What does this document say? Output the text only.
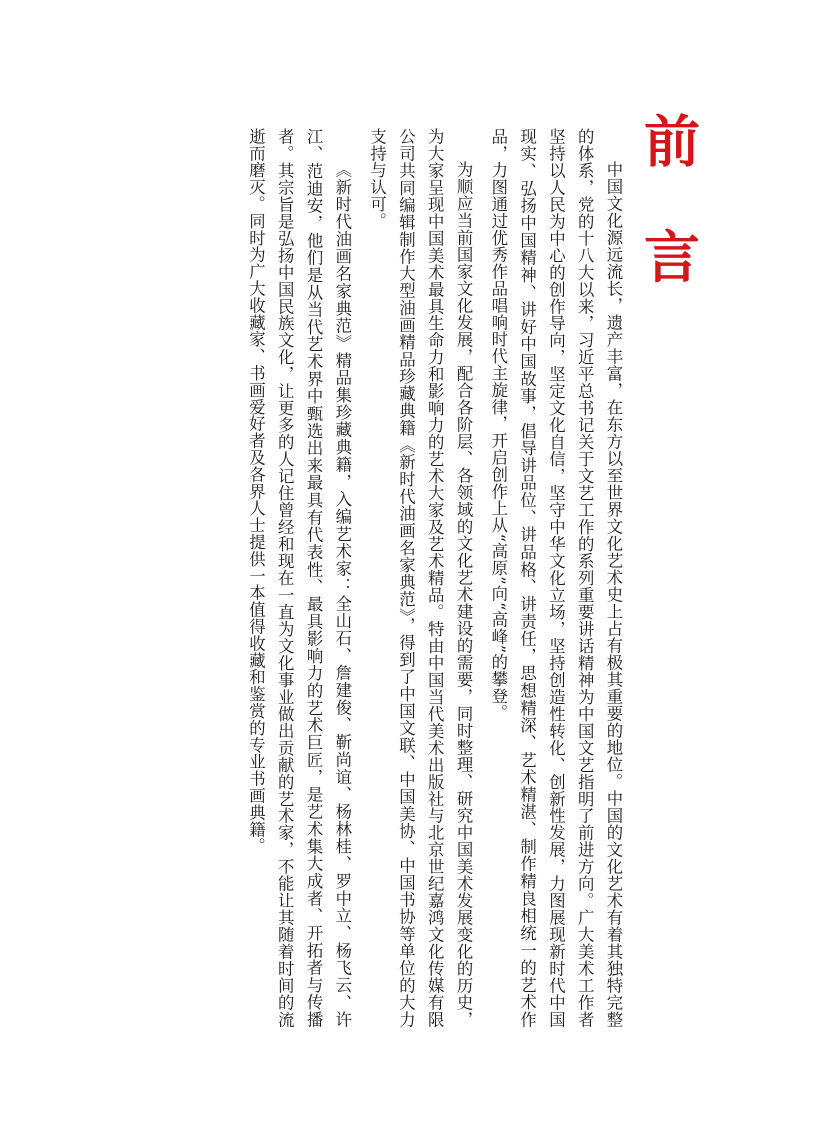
前 言

中国文化源远流长，遗产丰富，在东方以至世界文化艺术史上占有极其重要的地位。中国的文化艺术有着其独特完整的体系，党的十八大以来，习近平总书记关于文艺工作的系列重要讲话精神为中国文艺指明了前进方向。广大美术工作者坚持以人民为中心的创作导向，坚定文化自信，坚守中华文化立场，坚持创造性转化、创新性发展，力图展现新时代中国现实、弘扬中国精神、讲好中国故事，倡导讲品位、讲品格、讲责任，思想精深、艺术精湛、制作精良相统一的艺术作品，力图通过优秀作品唱响时代主旋律，开启创作上从“高原”向“高峰”的攀登。

为顺应当前国家文化发展，配合各阶层、各领域的文化艺术建设的需要，同时整理、研究中国美术发展变化的历史，为大家呈现中国美术最具生命力和影响力的艺术大家及艺术精品。特由中国当代美术出版社与北京世纪嘉鸿文化传媒有限公司共同编辑制作大型油画精品珍藏典籍《新时代油画名家典范》，得到了中国文联、中国美协、中国书协等单位的大力支持与认可。

《新时代油画名家典范》精品集珍藏典籍，入编艺术家：全山石、詹建俊、靳尚谊、杨林桂、罗中立、杨飞云、许江、范迪安，他们是从当代艺术界中甄选出来最具有代表性、最具影响力的艺术巨匠，是艺术集大成者、开拓者与传播者。其宗旨是弘扬中国民族文化，让更多的人记住曾经和现在一直为文化事业做出贡献的艺术家，不能让其随着时间的流逝而磨灭。同时为广大收藏家、书画爱好者及各界人士提供一本值得收藏和鉴赏的专业书画典籍。
